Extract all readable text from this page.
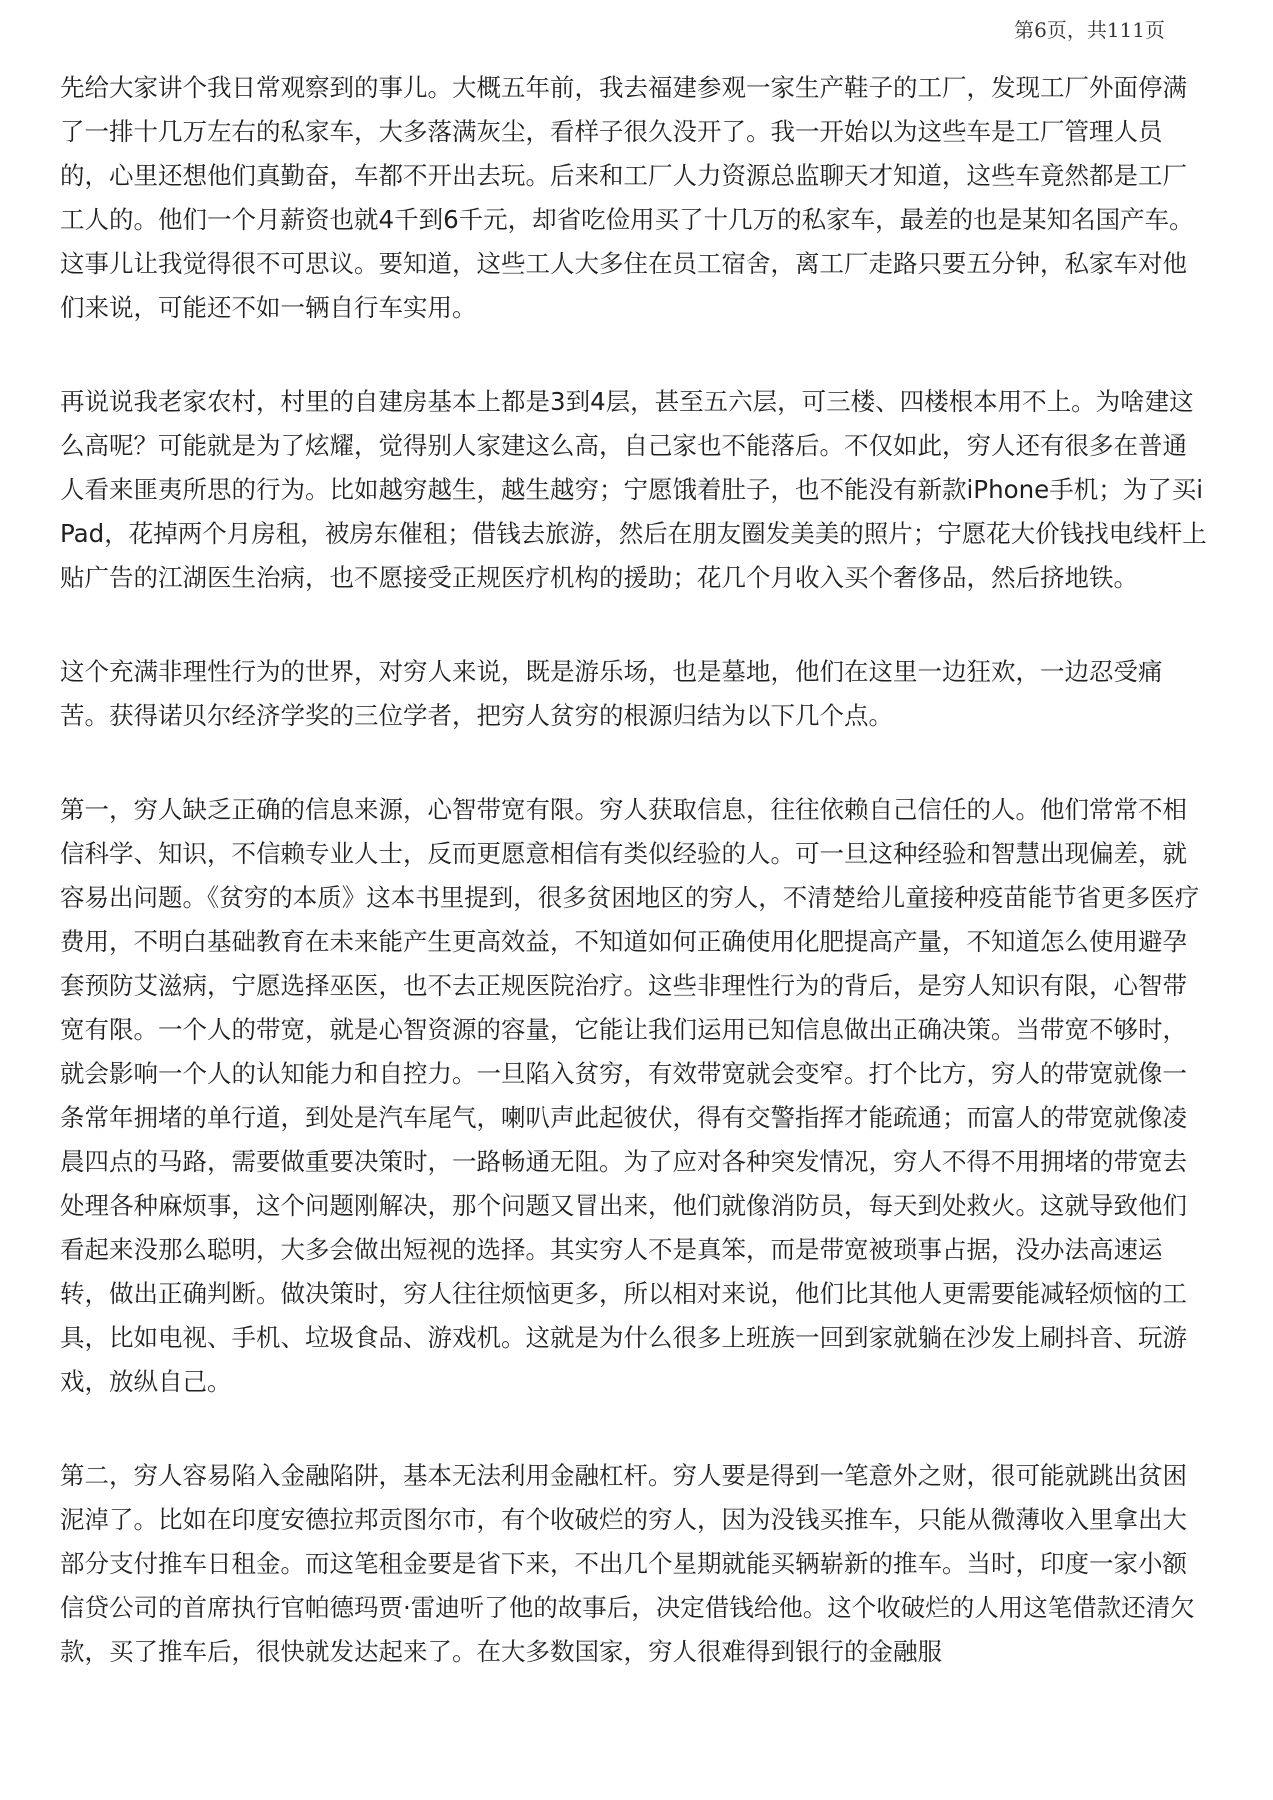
第6页，共111页

先给大家讲个我日常观察到的事儿。大概五年前，我去福建参观一家生产鞋子的工厂，发现工厂外面停满了一排十几万左右的私家车，大多落满灰尘，看样子很久没开了。我一开始以为这些车是工厂管理人员的，心里还想他们真勤奋，车都不开出去玩。后来和工厂人力资源总监聊天才知道，这些车竟然都是工厂工人的。他们一个月薪资也就4千到6千元，却省吃俭用买了十几万的私家车，最差的也是某知名国产车。这事儿让我觉得很不可思议。要知道，这些工人大多住在员工宿舍，离工厂走路只要五分钟，私家车对他们来说，可能还不如一辆自行车实用。

再说说我老家农村，村里的自建房基本上都是3到4层，甚至五六层，可三楼、四楼根本用不上。为啥建这么高呢？可能就是为了炫耀，觉得别人家建这么高，自己家也不能落后。不仅如此，穷人还有很多在普通人看来匪夷所思的行为。比如越穷越生，越生越穷；宁愿饿着肚子，也不能没有新款iPhone手机；为了买iPad，花掉两个月房租，被房东催租；借钱去旅游，然后在朋友圈发美美的照片；宁愿花大价钱找电线杆上贴广告的江湖医生治病，也不愿接受正规医疗机构的援助；花几个月收入买个奢侈品，然后挤地铁。

这个充满非理性行为的世界，对穷人来说，既是游乐场，也是墓地，他们在这里一边狂欢，一边忍受痛苦。获得诺贝尔经济学奖的三位学者，把穷人贫穷的根源归结为以下几个点。

第一，穷人缺乏正确的信息来源，心智带宽有限。穷人获取信息，往往依赖自己信任的人。他们常常不相信科学、知识，不信赖专业人士，反而更愿意相信有类似经验的人。可一旦这种经验和智慧出现偏差，就容易出问题。《贫穷的本质》这本书里提到，很多贫困地区的穷人，不清楚给儿童接种疫苗能节省更多医疗费用，不明白基础教育在未来能产生更高效益，不知道如何正确使用化肥提高产量，不知道怎么使用避孕套预防艾滋病，宁愿选择巫医，也不去正规医院治疗。这些非理性行为的背后，是穷人知识有限，心智带宽有限。一个人的带宽，就是心智资源的容量，它能让我们运用已知信息做出正确决策。当带宽不够时，就会影响一个人的认知能力和自控力。一旦陷入贫穷，有效带宽就会变窄。打个比方，穷人的带宽就像一条常年拥堵的单行道，到处是汽车尾气，喇叭声此起彼伏，得有交警指挥才能疏通；而富人的带宽就像凌晨四点的马路，需要做重要决策时，一路畅通无阻。为了应对各种突发情况，穷人不得不用拥堵的带宽去处理各种麻烦事，这个问题刚解决，那个问题又冒出来，他们就像消防员，每天到处救火。这就导致他们看起来没那么聪明，大多会做出短视的选择。其实穷人不是真笨，而是带宽被琐事占据，没办法高速运转，做出正确判断。做决策时，穷人往往烦恼更多，所以相对来说，他们比其他人更需要能减轻烦恼的工具，比如电视、手机、垃圾食品、游戏机。这就是为什么很多上班族一回到家就躺在沙发上刷抖音、玩游戏，放纵自己。

第二，穷人容易陷入金融陷阱，基本无法利用金融杠杆。穷人要是得到一笔意外之财，很可能就跳出贫困泥淖了。比如在印度安德拉邦贡图尔市，有个收破烂的穷人，因为没钱买推车，只能从微薄收入里拿出大部分支付推车日租金。而这笔租金要是省下来，不出几个星期就能买辆崭新的推车。当时，印度一家小额信贷公司的首席执行官帕德玛贾·雷迪听了他的故事后，决定借钱给他。这个收破烂的人用这笔借款还清欠款，买了推车后，很快就发达起来了。在大多数国家，穷人很难得到银行的金融服
